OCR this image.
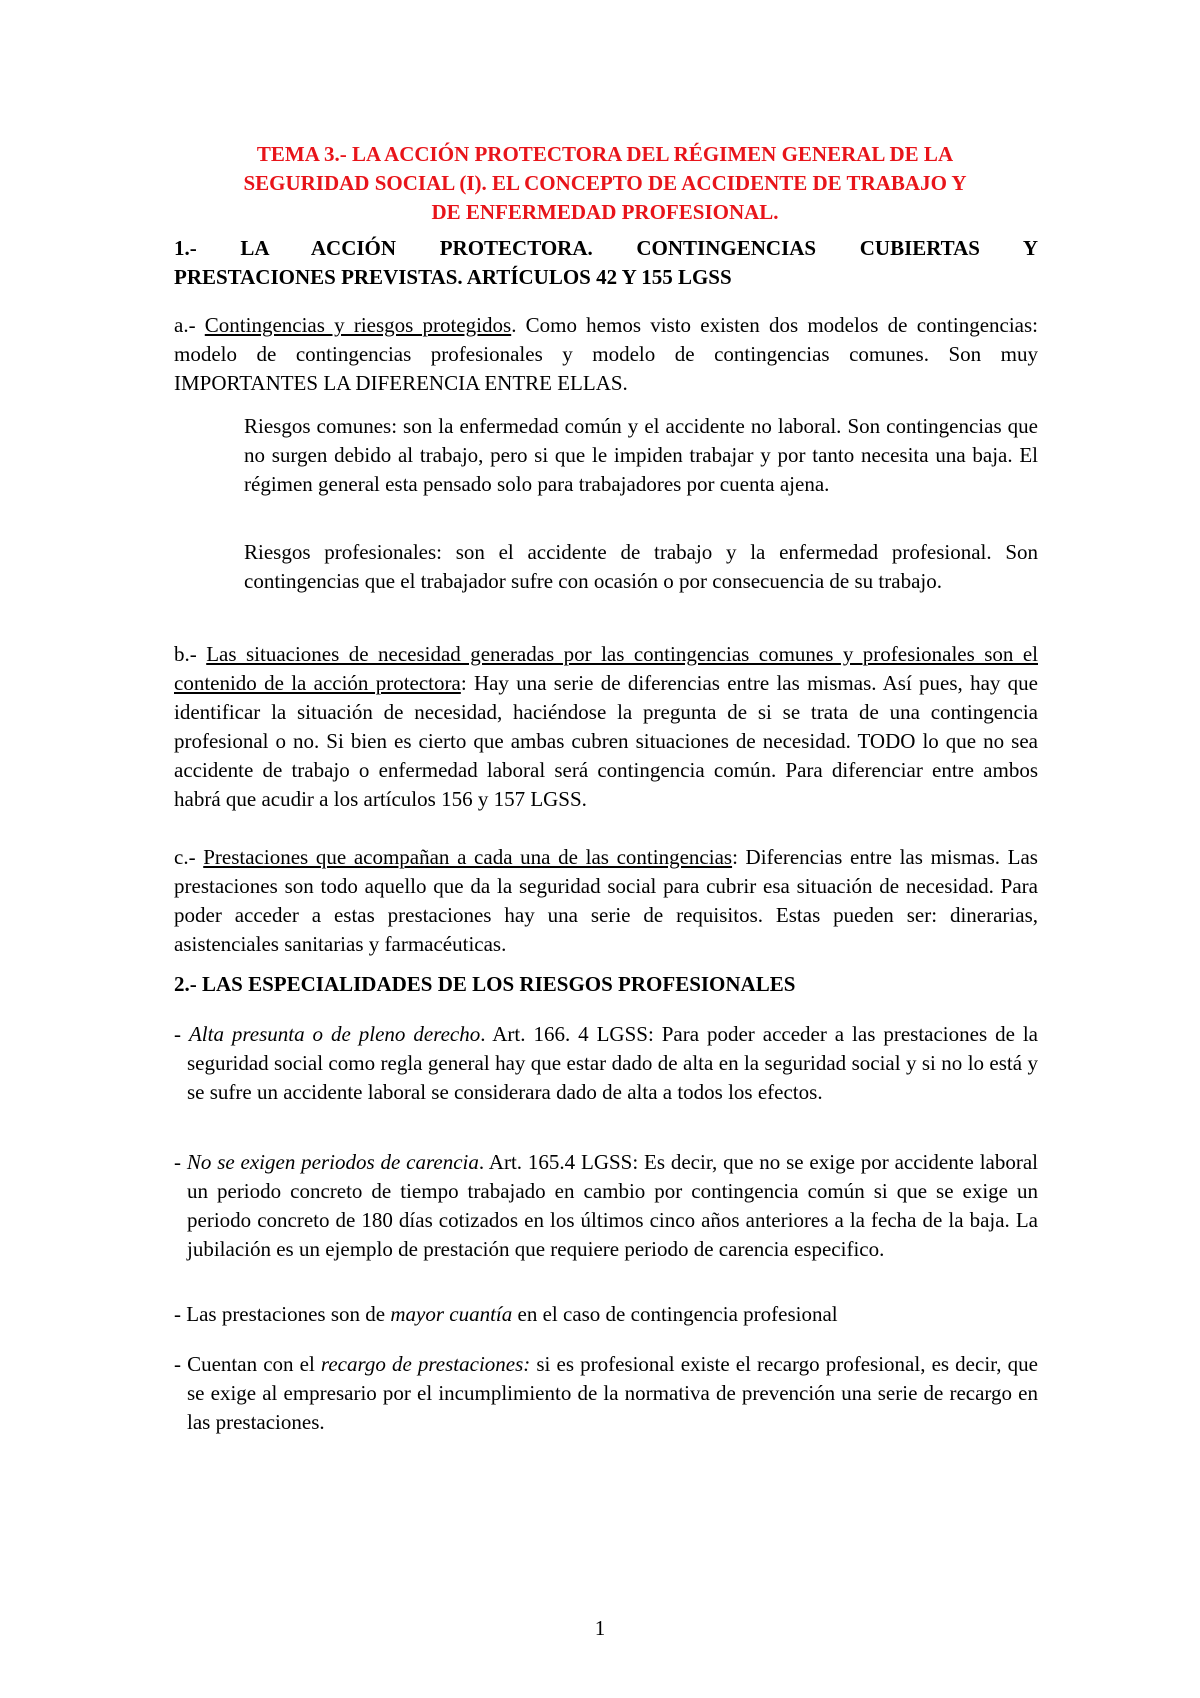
TEMA 3.- LA ACCIÓN PROTECTORA DEL RÉGIMEN GENERAL DE LA
SEGURIDAD SOCIAL (I). EL CONCEPTO DE ACCIDENTE DE TRABAJO Y
DE ENFERMEDAD PROFESIONAL.
1.- LA ACCIÓN PROTECTORA. CONTINGENCIAS CUBIERTAS Y
PRESTACIONES PREVISTAS. ARTÍCULOS 42 Y 155 LGSS
a.- Contingencias y riesgos protegidos. Como hemos visto existen dos modelos de contingencias: modelo de contingencias profesionales y modelo de contingencias comunes. Son muy IMPORTANTES LA DIFERENCIA ENTRE ELLAS.
Riesgos comunes: son la enfermedad común y el accidente no laboral. Son contingencias que no surgen debido al trabajo, pero si que le impiden trabajar y por tanto necesita una baja. El régimen general esta pensado solo para trabajadores por cuenta ajena.
Riesgos profesionales: son el accidente de trabajo y la enfermedad profesional. Son contingencias que el trabajador sufre con ocasión o por consecuencia de su trabajo.
b.- Las situaciones de necesidad generadas por las contingencias comunes y profesionales son el contenido de la acción protectora: Hay una serie de diferencias entre las mismas. Así pues, hay que identificar la situación de necesidad, haciéndose la pregunta de si se trata de una contingencia profesional o no. Si bien es cierto que ambas cubren situaciones de necesidad. TODO lo que no sea accidente de trabajo o enfermedad laboral será contingencia común. Para diferenciar entre ambos habrá que acudir a los artículos 156 y 157 LGSS.
c.- Prestaciones que acompañan a cada una de las contingencias: Diferencias entre las mismas. Las prestaciones son todo aquello que da la seguridad social para cubrir esa situación de necesidad. Para poder acceder a estas prestaciones hay una serie de requisitos. Estas pueden ser: dinerarias, asistenciales sanitarias y farmacéuticas.
2.- LAS ESPECIALIDADES DE LOS RIESGOS PROFESIONALES
- Alta presunta o de pleno derecho. Art. 166. 4 LGSS: Para poder acceder a las prestaciones de la seguridad social como regla general hay que estar dado de alta en la seguridad social y si no lo está y se sufre un accidente laboral se considerara dado de alta a todos los efectos.
- No se exigen periodos de carencia. Art. 165.4 LGSS: Es decir, que no se exige por accidente laboral un periodo concreto de tiempo trabajado en cambio por contingencia común si que se exige un periodo concreto de 180 días cotizados en los últimos cinco años anteriores a la fecha de la baja. La jubilación es un ejemplo de prestación que requiere periodo de carencia especifico.
- Las prestaciones son de mayor cuantía en el caso de contingencia profesional
- Cuentan con el recargo de prestaciones: si es profesional existe el recargo profesional, es decir, que se exige al empresario por el incumplimiento de la normativa de prevención una serie de recargo en las prestaciones.
1
